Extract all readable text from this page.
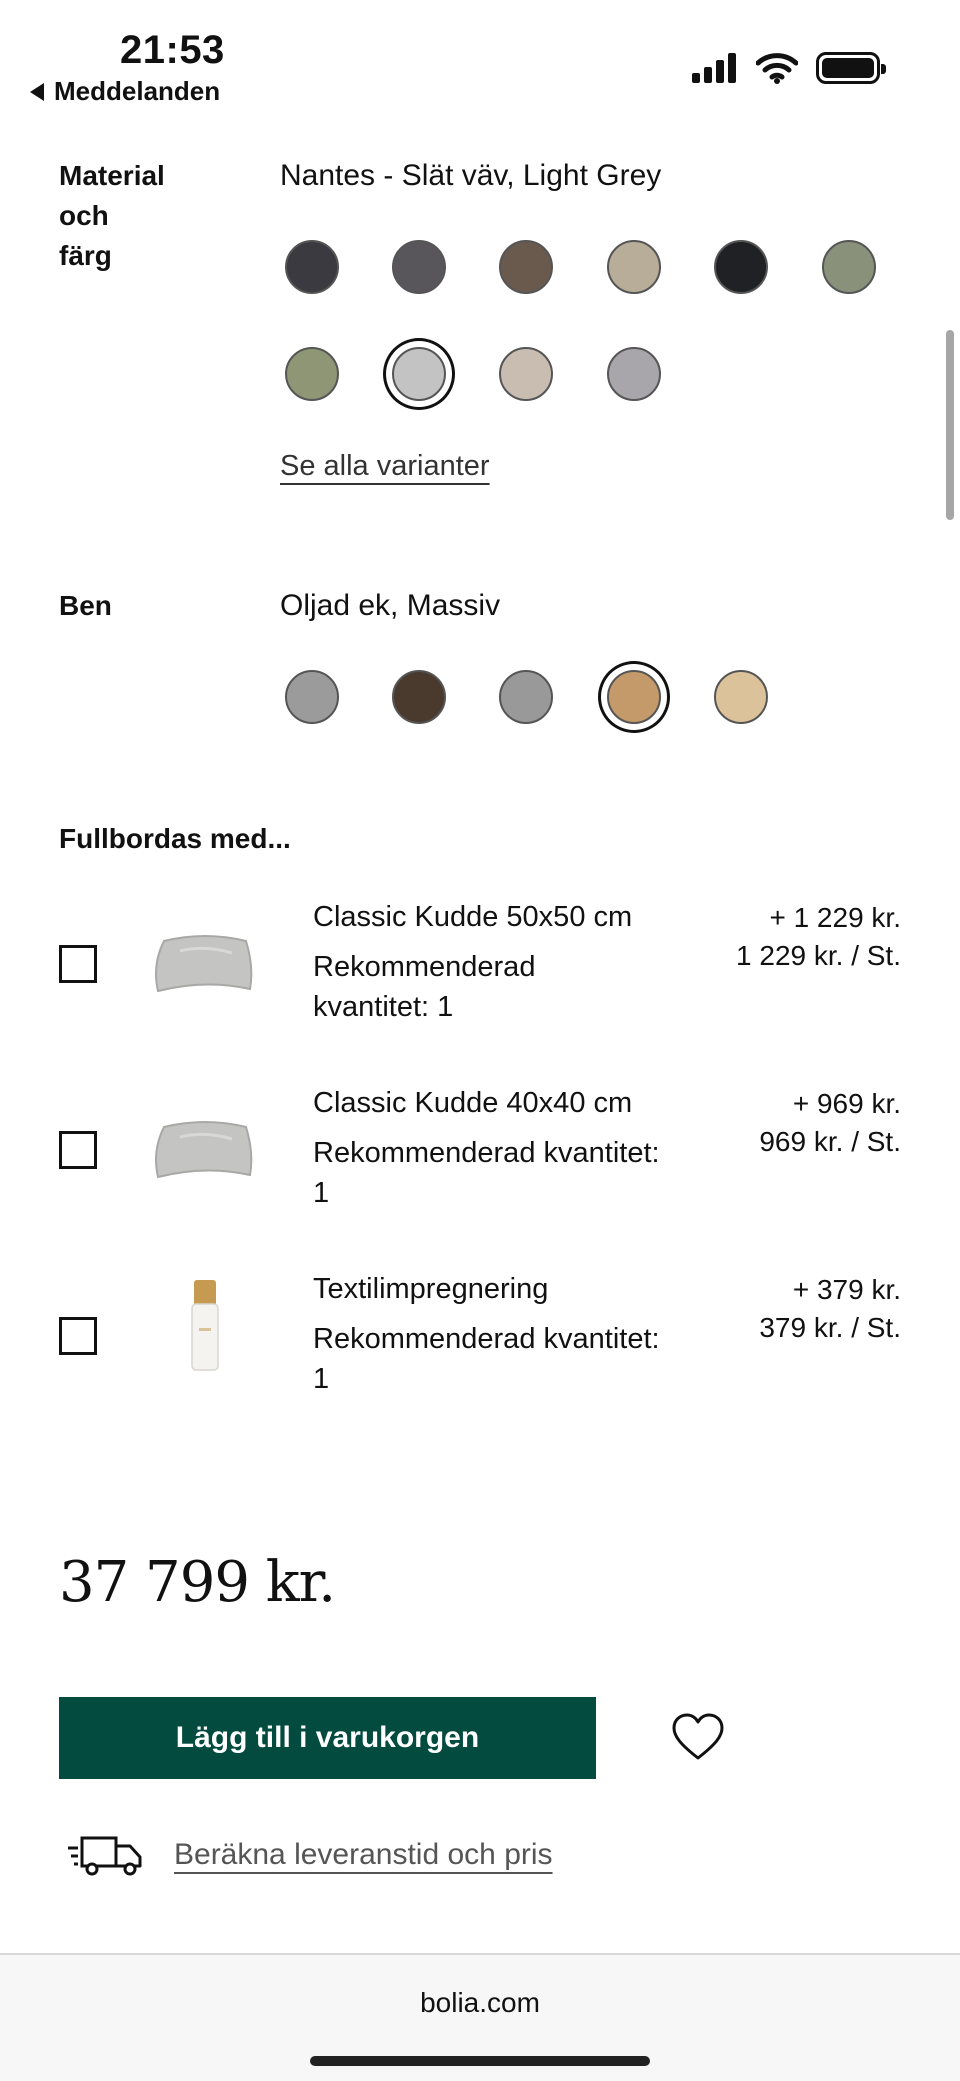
21:53
Meddelanden
Material
och
färg
Nantes - Slät väv, Light Grey
Se alla varianter
Ben	Oljad ek, Massiv
Fullbordas med...
Classic Kudde 50x50 cm
Rekommenderad
kvantitet: 1
+ 1 229 kr.
1 229 kr. / St.
Classic Kudde 40x40 cm
Rekommenderad kvantitet:
1
+ 969 kr.
969 kr. / St.
Textilimpregnering
Rekommenderad kvantitet:
1
+ 379 kr.
379 kr. / St.
37 799 kr.
Lägg till i varukorgen
Beräkna leveranstid och pris
bolia.com
